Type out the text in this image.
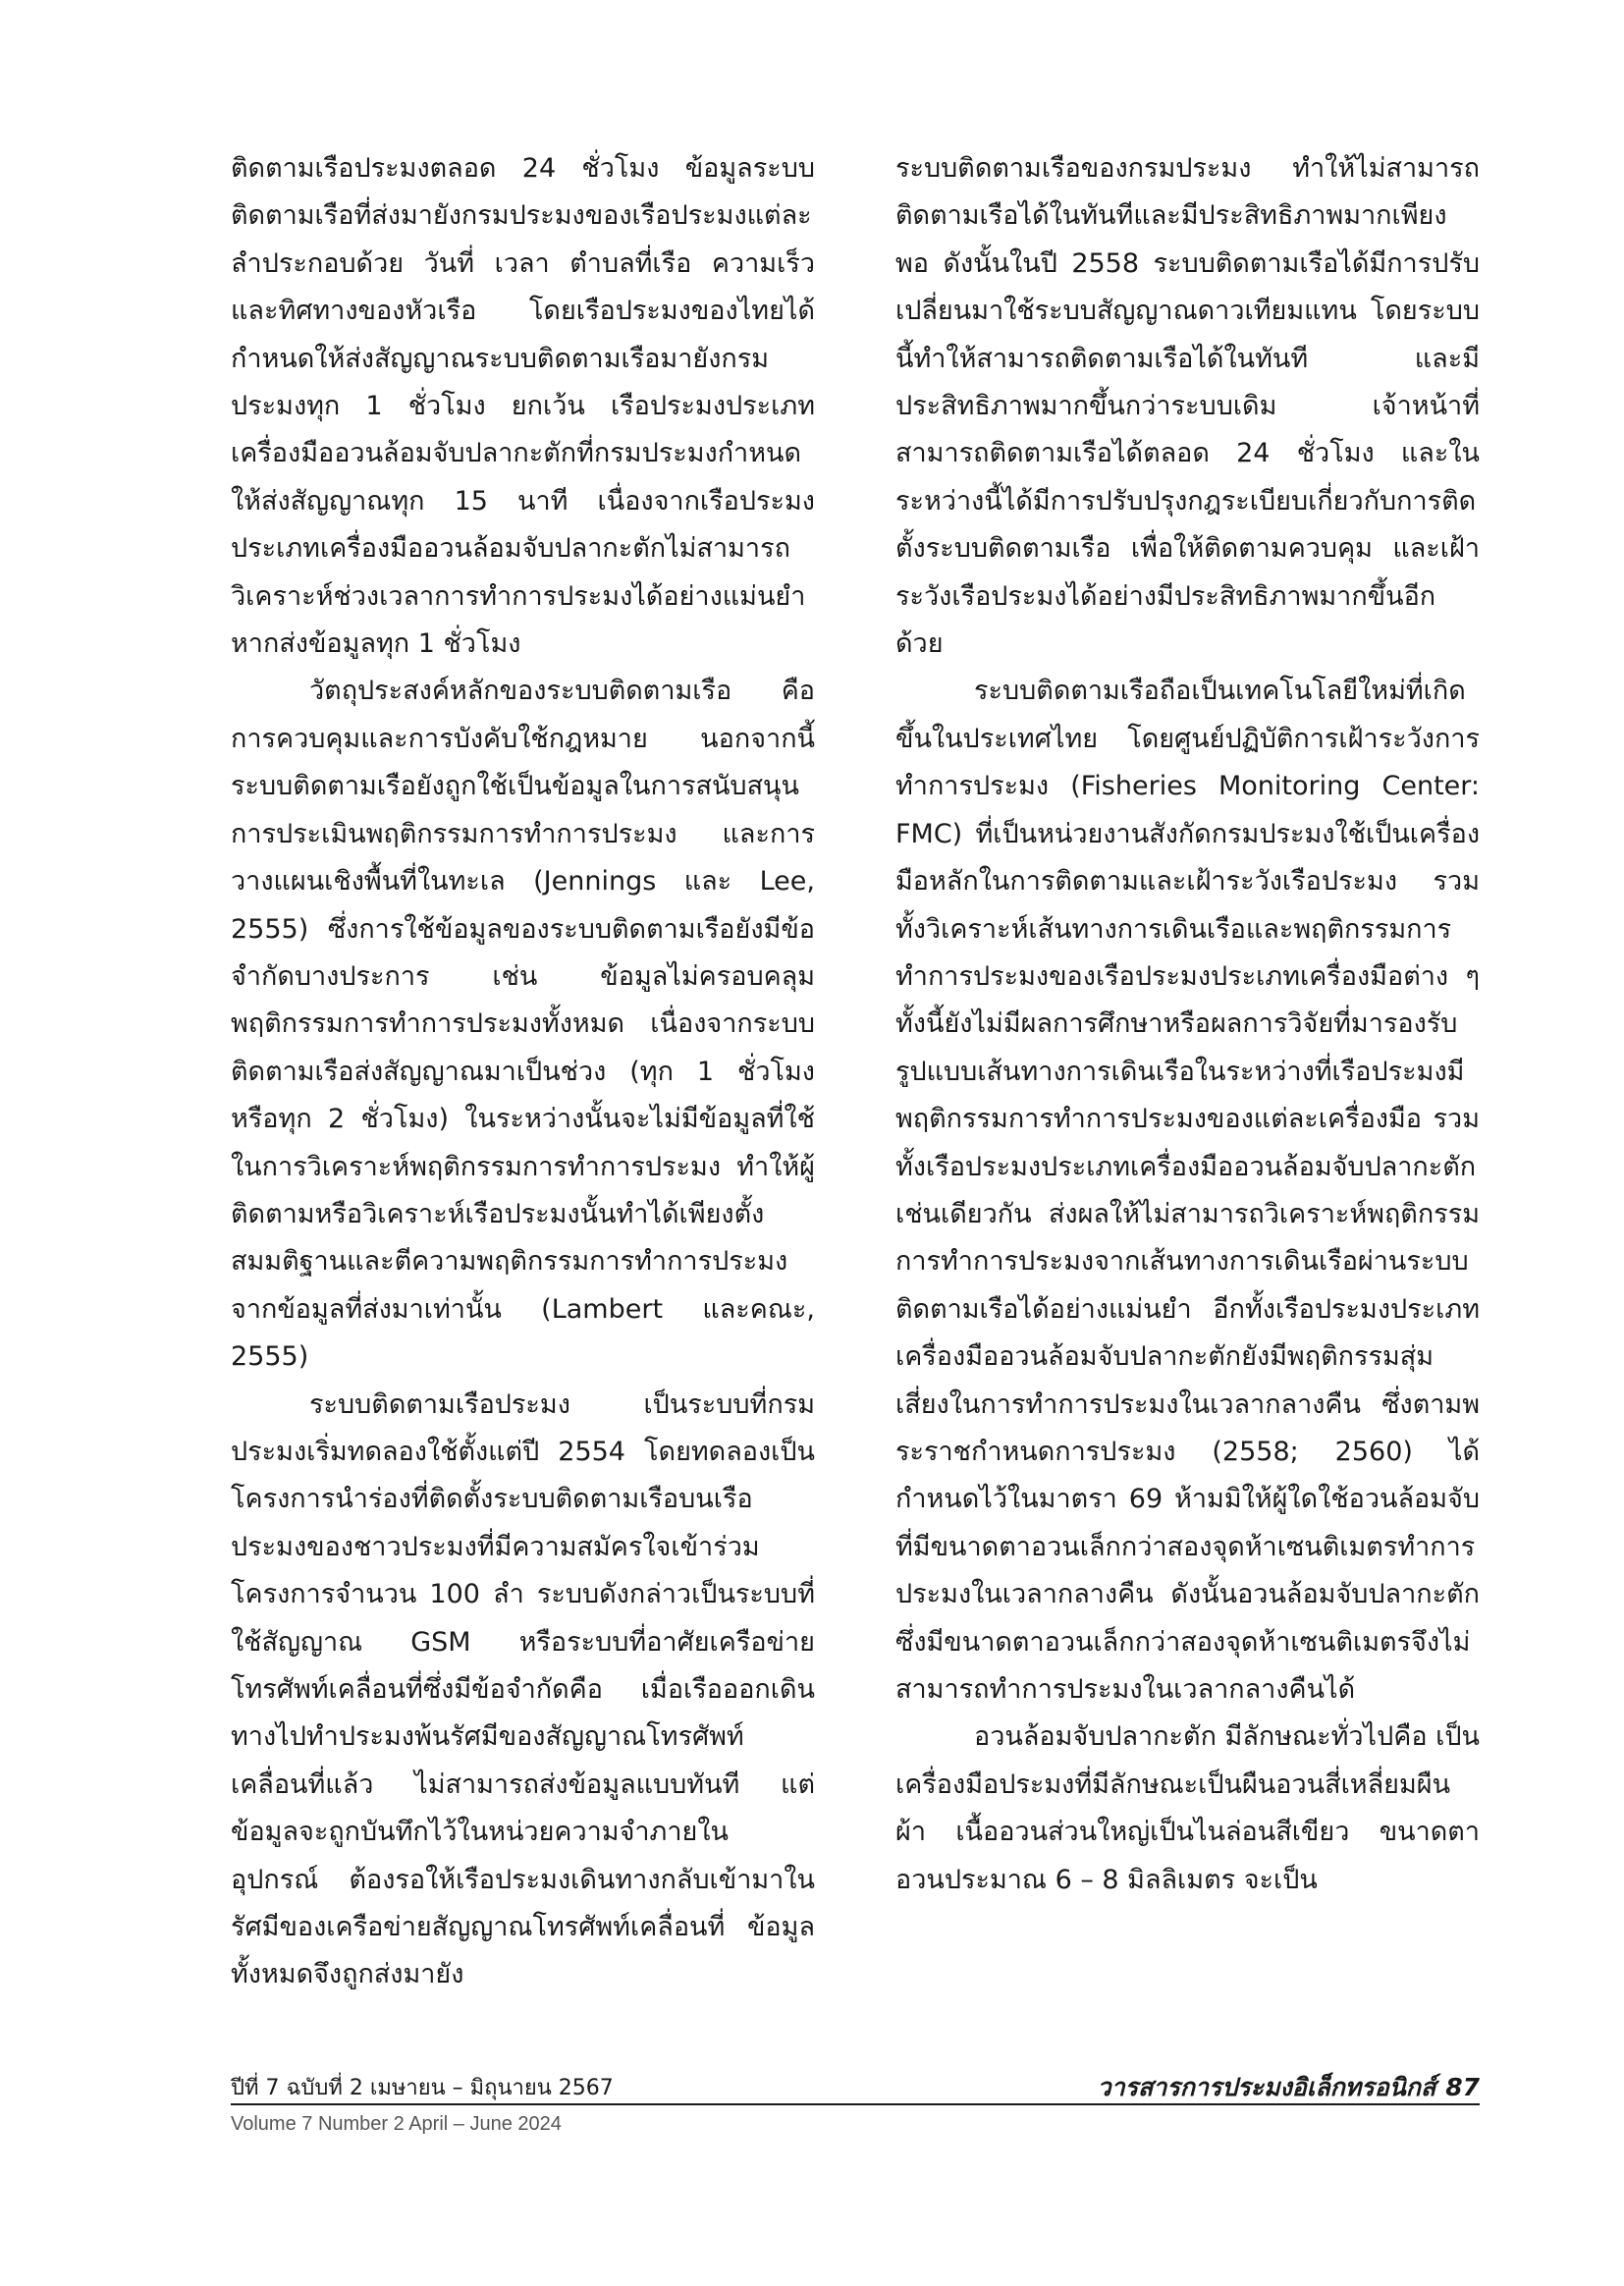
ติดตามเรือประมงตลอด 24 ชั่วโมง ข้อมูลระบบติดตามเรือที่ส่งมายังกรมประมงของเรือประมงแต่ละลำประกอบด้วย วันที่ เวลา ตำบลที่เรือ ความเร็ว และทิศทางของหัวเรือ โดยเรือประมงของไทยได้กำหนดให้ส่งสัญญาณระบบติดตามเรือมายังกรมประมงทุก 1 ชั่วโมง ยกเว้น เรือประมงประเภทเครื่องมืออวนล้อมจับปลากะตักที่กรมประมงกำหนดให้ส่งสัญญาณทุก 15 นาที เนื่องจากเรือประมงประเภทเครื่องมืออวนล้อมจับปลากะตักไม่สามารถวิเคราะห์ช่วงเวลาการทำการประมงได้อย่างแม่นยำหากส่งข้อมูลทุก 1 ชั่วโมง

วัตถุประสงค์หลักของระบบติดตามเรือ คือ การควบคุมและการบังคับใช้กฎหมาย นอกจากนี้ ระบบติดตามเรือยังถูกใช้เป็นข้อมูลในการสนับสนุนการประเมินพฤติกรรมการทำการประมง และการวางแผนเชิงพื้นที่ในทะเล (Jennings และ Lee, 2555) ซึ่งการใช้ข้อมูลของระบบติดตามเรือยังมีข้อจำกัดบางประการ เช่น ข้อมูลไม่ครอบคลุมพฤติกรรมการทำการประมงทั้งหมด เนื่องจากระบบติดตามเรือส่งสัญญาณมาเป็นช่วง (ทุก 1 ชั่วโมง หรือทุก 2 ชั่วโมง) ในระหว่างนั้นจะไม่มีข้อมูลที่ใช้ในการวิเคราะห์พฤติกรรมการทำการประมง ทำให้ผู้ติดตามหรือวิเคราะห์เรือประมงนั้นทำได้เพียงตั้งสมมติฐานและตีความพฤติกรรมการทำการประมง จากข้อมูลที่ส่งมาเท่านั้น (Lambert และคณะ, 2555)

ระบบติดตามเรือประมง เป็นระบบที่กรมประมงเริ่มทดลองใช้ตั้งแต่ปี 2554 โดยทดลองเป็นโครงการนำร่องที่ติดตั้งระบบติดตามเรือบนเรือประมงของชาวประมงที่มีความสมัครใจเข้าร่วมโครงการจำนวน 100 ลำ ระบบดังกล่าวเป็นระบบที่ใช้สัญญาณ GSM หรือระบบที่อาศัยเครือข่ายโทรศัพท์เคลื่อนที่ซึ่งมีข้อจำกัดคือ เมื่อเรือออกเดินทางไปทำประมงพ้นรัศมีของสัญญาณโทรศัพท์เคลื่อนที่แล้ว ไม่สามารถส่งข้อมูลแบบทันที แต่ข้อมูลจะถูกบันทึกไว้ในหน่วยความจำภายในอุปกรณ์ ต้องรอให้เรือประมงเดินทางกลับเข้ามาในรัศมีของเครือข่ายสัญญาณโทรศัพท์เคลื่อนที่ ข้อมูลทั้งหมดจึงถูกส่งมายัง

ระบบติดตามเรือของกรมประมง ทำให้ไม่สามารถติดตามเรือได้ในทันทีและมีประสิทธิภาพมากเพียงพอ ดังนั้นในปี 2558 ระบบติดตามเรือได้มีการปรับเปลี่ยนมาใช้ระบบสัญญาณดาวเทียมแทน โดยระบบนี้ทำให้สามารถติดตามเรือได้ในทันที และมีประสิทธิภาพมากขึ้นกว่าระบบเดิม เจ้าหน้าที่สามารถติดตามเรือได้ตลอด 24 ชั่วโมง และในระหว่างนี้ได้มีการปรับปรุงกฎระเบียบเกี่ยวกับการติดตั้งระบบติดตามเรือ เพื่อให้ติดตามควบคุม และเฝ้าระวังเรือประมงได้อย่างมีประสิทธิภาพมากขึ้นอีกด้วย

ระบบติดตามเรือถือเป็นเทคโนโลยีใหม่ที่เกิดขึ้นในประเทศไทย โดยศูนย์ปฏิบัติการเฝ้าระวังการทำการประมง (Fisheries Monitoring Center: FMC) ที่เป็นหน่วยงานสังกัดกรมประมงใช้เป็นเครื่องมือหลักในการติดตามและเฝ้าระวังเรือประมง รวมทั้งวิเคราะห์เส้นทางการเดินเรือและพฤติกรรมการทำการประมงของเรือประมงประเภทเครื่องมือต่าง ๆ ทั้งนี้ยังไม่มีผลการศึกษาหรือผลการวิจัยที่มารองรับรูปแบบเส้นทางการเดินเรือในระหว่างที่เรือประมงมีพฤติกรรมการทำการประมงของแต่ละเครื่องมือ รวมทั้งเรือประมงประเภทเครื่องมืออวนล้อมจับปลากะตักเช่นเดียวกัน ส่งผลให้ไม่สามารถวิเคราะห์พฤติกรรมการทำการประมงจากเส้นทางการเดินเรือผ่านระบบติดตามเรือได้อย่างแม่นยำ อีกทั้งเรือประมงประเภทเครื่องมืออวนล้อมจับปลากะตักยังมีพฤติกรรมสุ่มเสี่ยงในการทำการประมงในเวลากลางคืน ซึ่งตามพระราชกำหนดการประมง (2558; 2560) ได้กำหนดไว้ในมาตรา 69 ห้ามมิให้ผู้ใดใช้อวนล้อมจับที่มีขนาดตาอวนเล็กกว่าสองจุดห้าเซนติเมตรทำการประมงในเวลากลางคืน ดังนั้นอวนล้อมจับปลากะตักซึ่งมีขนาดตาอวนเล็กกว่าสองจุดห้าเซนติเมตรจึงไม่สามารถทำการประมงในเวลากลางคืนได้

อวนล้อมจับปลากะตัก มีลักษณะทั่วไปคือ เป็นเครื่องมือประมงที่มีลักษณะเป็นผืนอวนสี่เหลี่ยมผืนผ้า เนื้ออวนส่วนใหญ่เป็นไนล่อนสีเขียว ขนาดตาอวนประมาณ 6 – 8 มิลลิเมตร จะเป็น

ปีที่ 7 ฉบับที่ 2 เมษายน – มิถุนายน 2567	วารสารการประมงอิเล็กทรอนิกส์ 87
Volume 7 Number 2 April – June 2024
